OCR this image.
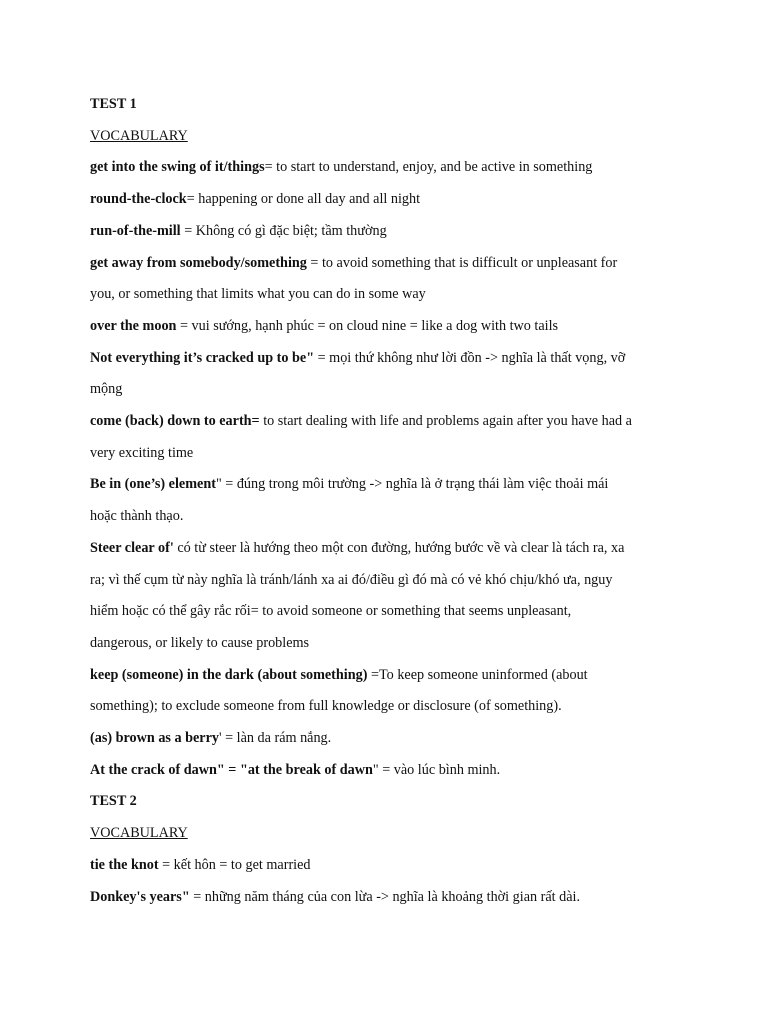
TEST 1

VOCABULARY

get into the swing of it/things= to start to understand, enjoy, and be active in something

round-the-clock= happening or done all day and all night

run-of-the-mill = Không có gì đặc biệt; tầm thường

get away from somebody/something = to avoid something that is difficult or unpleasant for

you, or something that limits what you can do in some way

over the moon = vui sướng, hạnh phúc = on cloud nine = like a dog with two tails

Not everything it’s cracked up to be" = mọi thứ không như lời đồn -> nghĩa là thất vọng, vỡ

mộng

come (back) down to earth= to start dealing with life and problems again after you have had a

very exciting time

Be in (one’s) element" = đúng trong môi trường -> nghĩa là ở trạng thái làm việc thoải mái

hoặc thành thạo.

Steer clear of' có từ steer là hướng theo một con đường, hướng bước về và clear là tách ra, xa

ra; vì thế cụm từ này nghĩa là tránh/lánh xa ai đó/điều gì đó mà có vẻ khó chịu/khó ưa, nguy

hiểm hoặc có thể gây rắc rối= to avoid someone or something that seems unpleasant,

dangerous, or likely to cause problems

keep (someone) in the dark (about something) =To keep someone uninformed (about

something); to exclude someone from full knowledge or disclosure (of something).

(as) brown as a berry' = làn da rám nắng.

At the crack of dawn" = "at the break of dawn" = vào lúc bình minh.

TEST 2

VOCABULARY

tie the knot = kết hôn = to get married

Donkey's years" = những năm tháng của con lừa -> nghĩa là khoảng thời gian rất dài.
